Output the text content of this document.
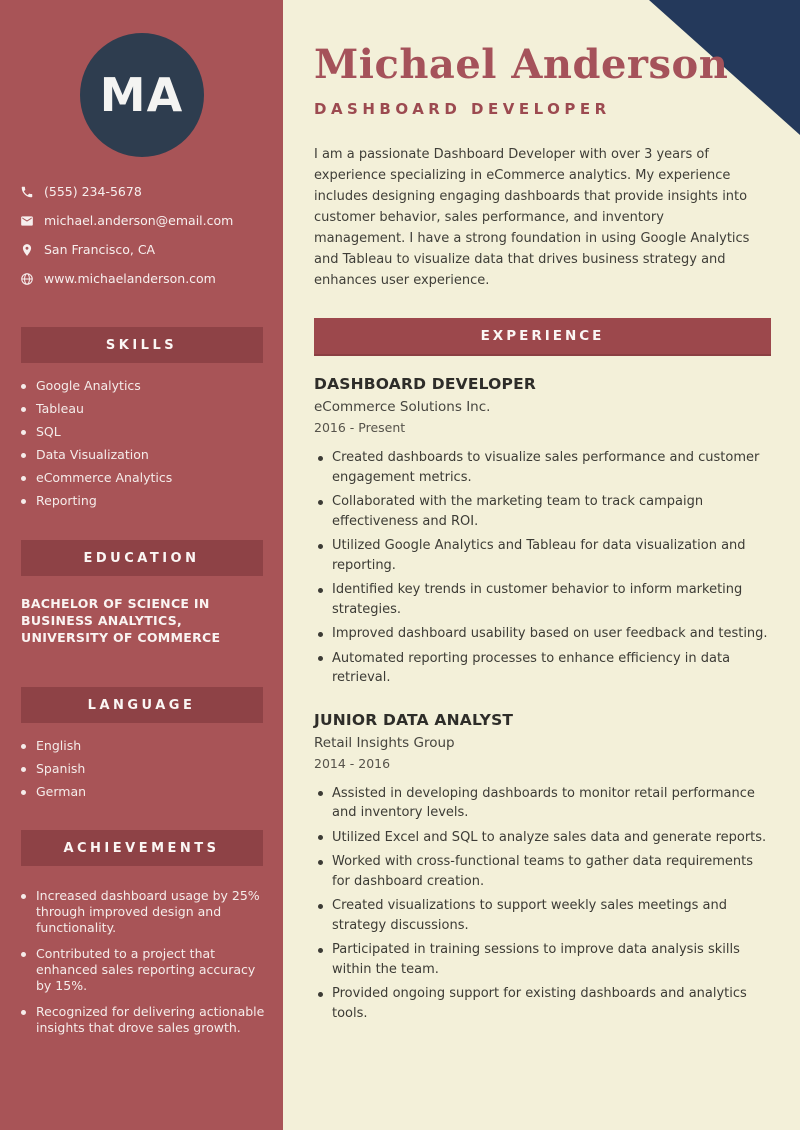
MA
(555) 234-5678
michael.anderson@email.com
San Francisco, CA
www.michaelanderson.com
SKILLS
Google Analytics
Tableau
SQL
Data Visualization
eCommerce Analytics
Reporting
EDUCATION
BACHELOR OF SCIENCE IN BUSINESS ANALYTICS, UNIVERSITY OF COMMERCE
LANGUAGE
English
Spanish
German
ACHIEVEMENTS
Increased dashboard usage by 25% through improved design and functionality.
Contributed to a project that enhanced sales reporting accuracy by 15%.
Recognized for delivering actionable insights that drove sales growth.
Michael Anderson
DASHBOARD DEVELOPER
I am a passionate Dashboard Developer with over 3 years of experience specializing in eCommerce analytics. My experience includes designing engaging dashboards that provide insights into customer behavior, sales performance, and inventory management. I have a strong foundation in using Google Analytics and Tableau to visualize data that drives business strategy and enhances user experience.
EXPERIENCE
DASHBOARD DEVELOPER
eCommerce Solutions Inc.
2016 - Present
Created dashboards to visualize sales performance and customer engagement metrics.
Collaborated with the marketing team to track campaign effectiveness and ROI.
Utilized Google Analytics and Tableau for data visualization and reporting.
Identified key trends in customer behavior to inform marketing strategies.
Improved dashboard usability based on user feedback and testing.
Automated reporting processes to enhance efficiency in data retrieval.
JUNIOR DATA ANALYST
Retail Insights Group
2014 - 2016
Assisted in developing dashboards to monitor retail performance and inventory levels.
Utilized Excel and SQL to analyze sales data and generate reports.
Worked with cross-functional teams to gather data requirements for dashboard creation.
Created visualizations to support weekly sales meetings and strategy discussions.
Participated in training sessions to improve data analysis skills within the team.
Provided ongoing support for existing dashboards and analytics tools.
